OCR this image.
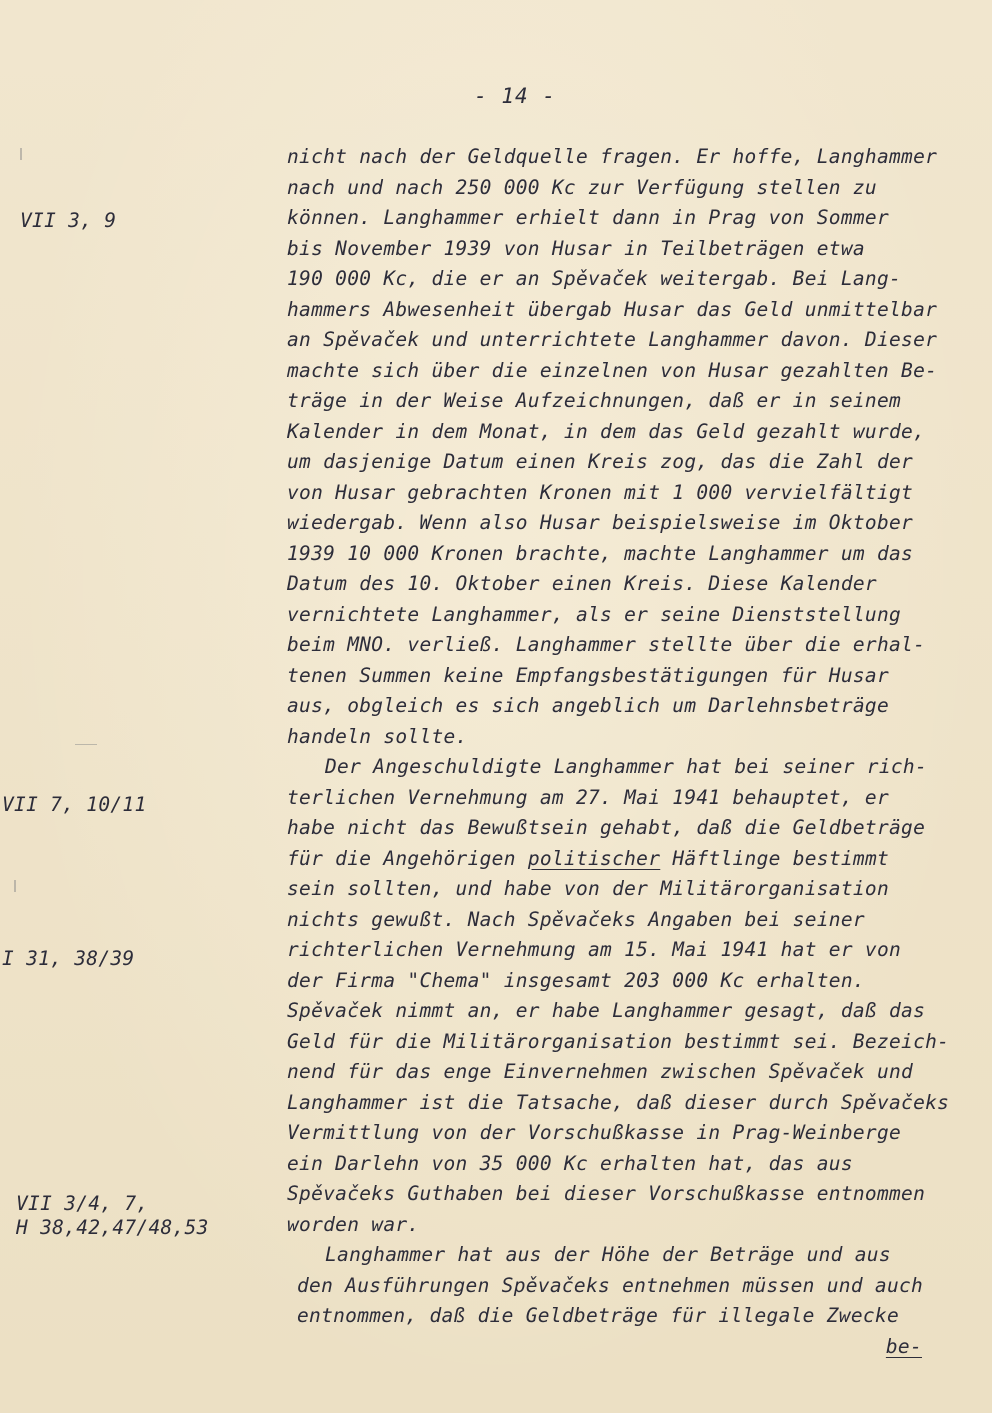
- 14 -
VII 3, 9
VII 7, 10/11
I 31, 38/39
VII 3/4, 7,
H 38,42,47/48,53
nicht nach der Geldquelle fragen. Er hoffe, Langhammer
nach und nach 250 000 Kc zur Verfügung stellen zu
können. Langhammer erhielt dann in Prag von Sommer
bis November 1939 von Husar in Teilbeträgen etwa
190 000 Kc, die er an Spěvaček weitergab. Bei Lang-
hammers Abwesenheit übergab Husar das Geld unmittelbar
an Spěvaček und unterrichtete Langhammer davon. Dieser
machte sich über die einzelnen von Husar gezahlten Be-
träge in der Weise Aufzeichnungen, daß er in seinem
Kalender in dem Monat, in dem das Geld gezahlt wurde,
um dasjenige Datum einen Kreis zog, das die Zahl der
von Husar gebrachten Kronen mit 1 000 vervielfältigt
wiedergab. Wenn also Husar beispielsweise im Oktober
1939 10 000 Kronen brachte, machte Langhammer um das
Datum des 10. Oktober einen Kreis. Diese Kalender
vernichtete Langhammer, als er seine Dienststellung
beim MNO. verließ. Langhammer stellte über die erhal-
tenen Summen keine Empfangsbestätigungen für Husar
aus, obgleich es sich angeblich um Darlehnsbeträge
handeln sollte.
Der Angeschuldigte Langhammer hat bei seiner rich-
terlichen Vernehmung am 27. Mai 1941 behauptet, er
habe nicht das Bewußtsein gehabt, daß die Geldbeträge
für die Angehörigen politischer Häftlinge bestimmt
sein sollten, und habe von der Militärorganisation
nichts gewußt. Nach Spěvačeks Angaben bei seiner
richterlichen Vernehmung am 15. Mai 1941 hat er von
der Firma "Chema" insgesamt 203 000 Kc erhalten.
Spěvaček nimmt an, er habe Langhammer gesagt, daß das
Geld für die Militärorganisation bestimmt sei. Bezeich-
nend für das enge Einvernehmen zwischen Spěvaček und
Langhammer ist die Tatsache, daß dieser durch Spěvačeks
Vermittlung von der Vorschußkasse in Prag-Weinberge
ein Darlehn von 35 000 Kc erhalten hat, das aus
Spěvačeks Guthaben bei dieser Vorschußkasse entnommen
worden war.
Langhammer hat aus der Höhe der Beträge und aus
den Ausführungen Spěvačeks entnehmen müssen und auch
entnommen, daß die Geldbeträge für illegale Zwecke
be-
